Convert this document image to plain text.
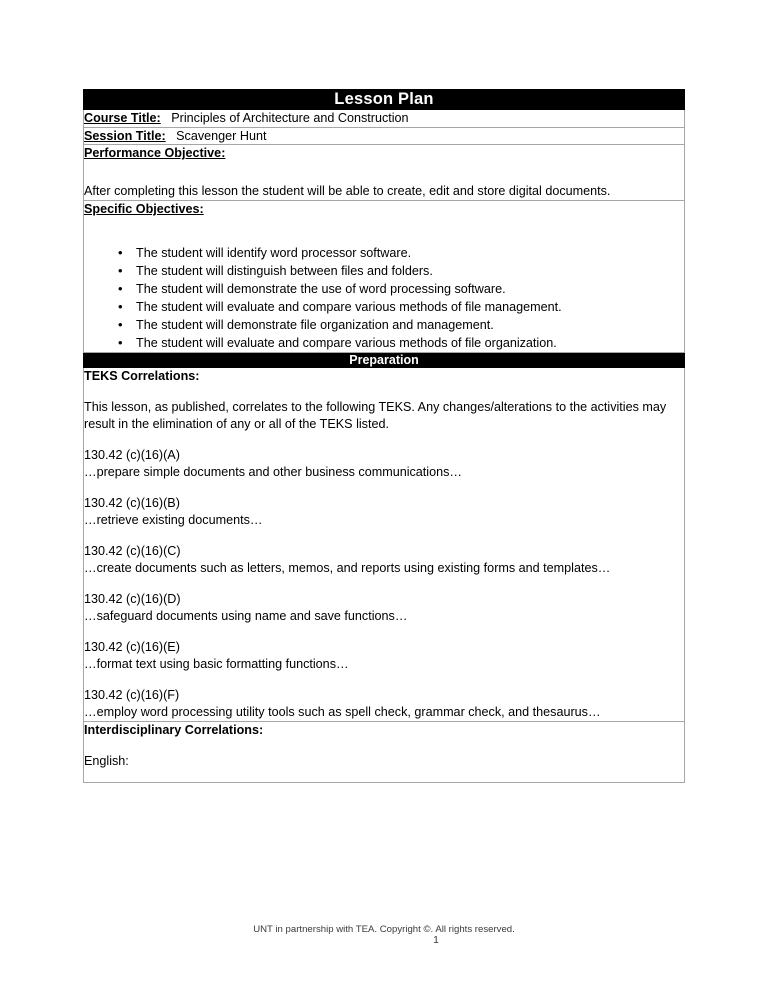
Lesson Plan
Course Title: Principles of Architecture and Construction
Session Title: Scavenger Hunt

Performance Objective:

After completing this lesson the student will be able to create, edit and store digital documents.

Specific Objectives:

• The student will identify word processor software.
• The student will distinguish between files and folders.
• The student will demonstrate the use of word processing software.
• The student will evaluate and compare various methods of file management.
• The student will demonstrate file organization and management.
• The student will evaluate and compare various methods of file organization.

Preparation

TEKS Correlations:

This lesson, as published, correlates to the following TEKS. Any changes/alterations to the activities may result in the elimination of any or all of the TEKS listed.

130.42 (c)(16)(A)

…prepare simple documents and other business communications…

130.42 (c)(16)(B)

…retrieve existing documents…

130.42 (c)(16)(C)

…create documents such as letters, memos, and reports using existing forms and templates…

130.42 (c)(16)(D)

…safeguard documents using name and save functions…

130.42 (c)(16)(E)

…format text using basic formatting functions…

130.42 (c)(16)(F)

…employ word processing utility tools such as spell check, grammar check, and thesaurus…

Interdisciplinary Correlations:

English:

UNT in partnership with TEA. Copyright ©. All rights reserved.
1
